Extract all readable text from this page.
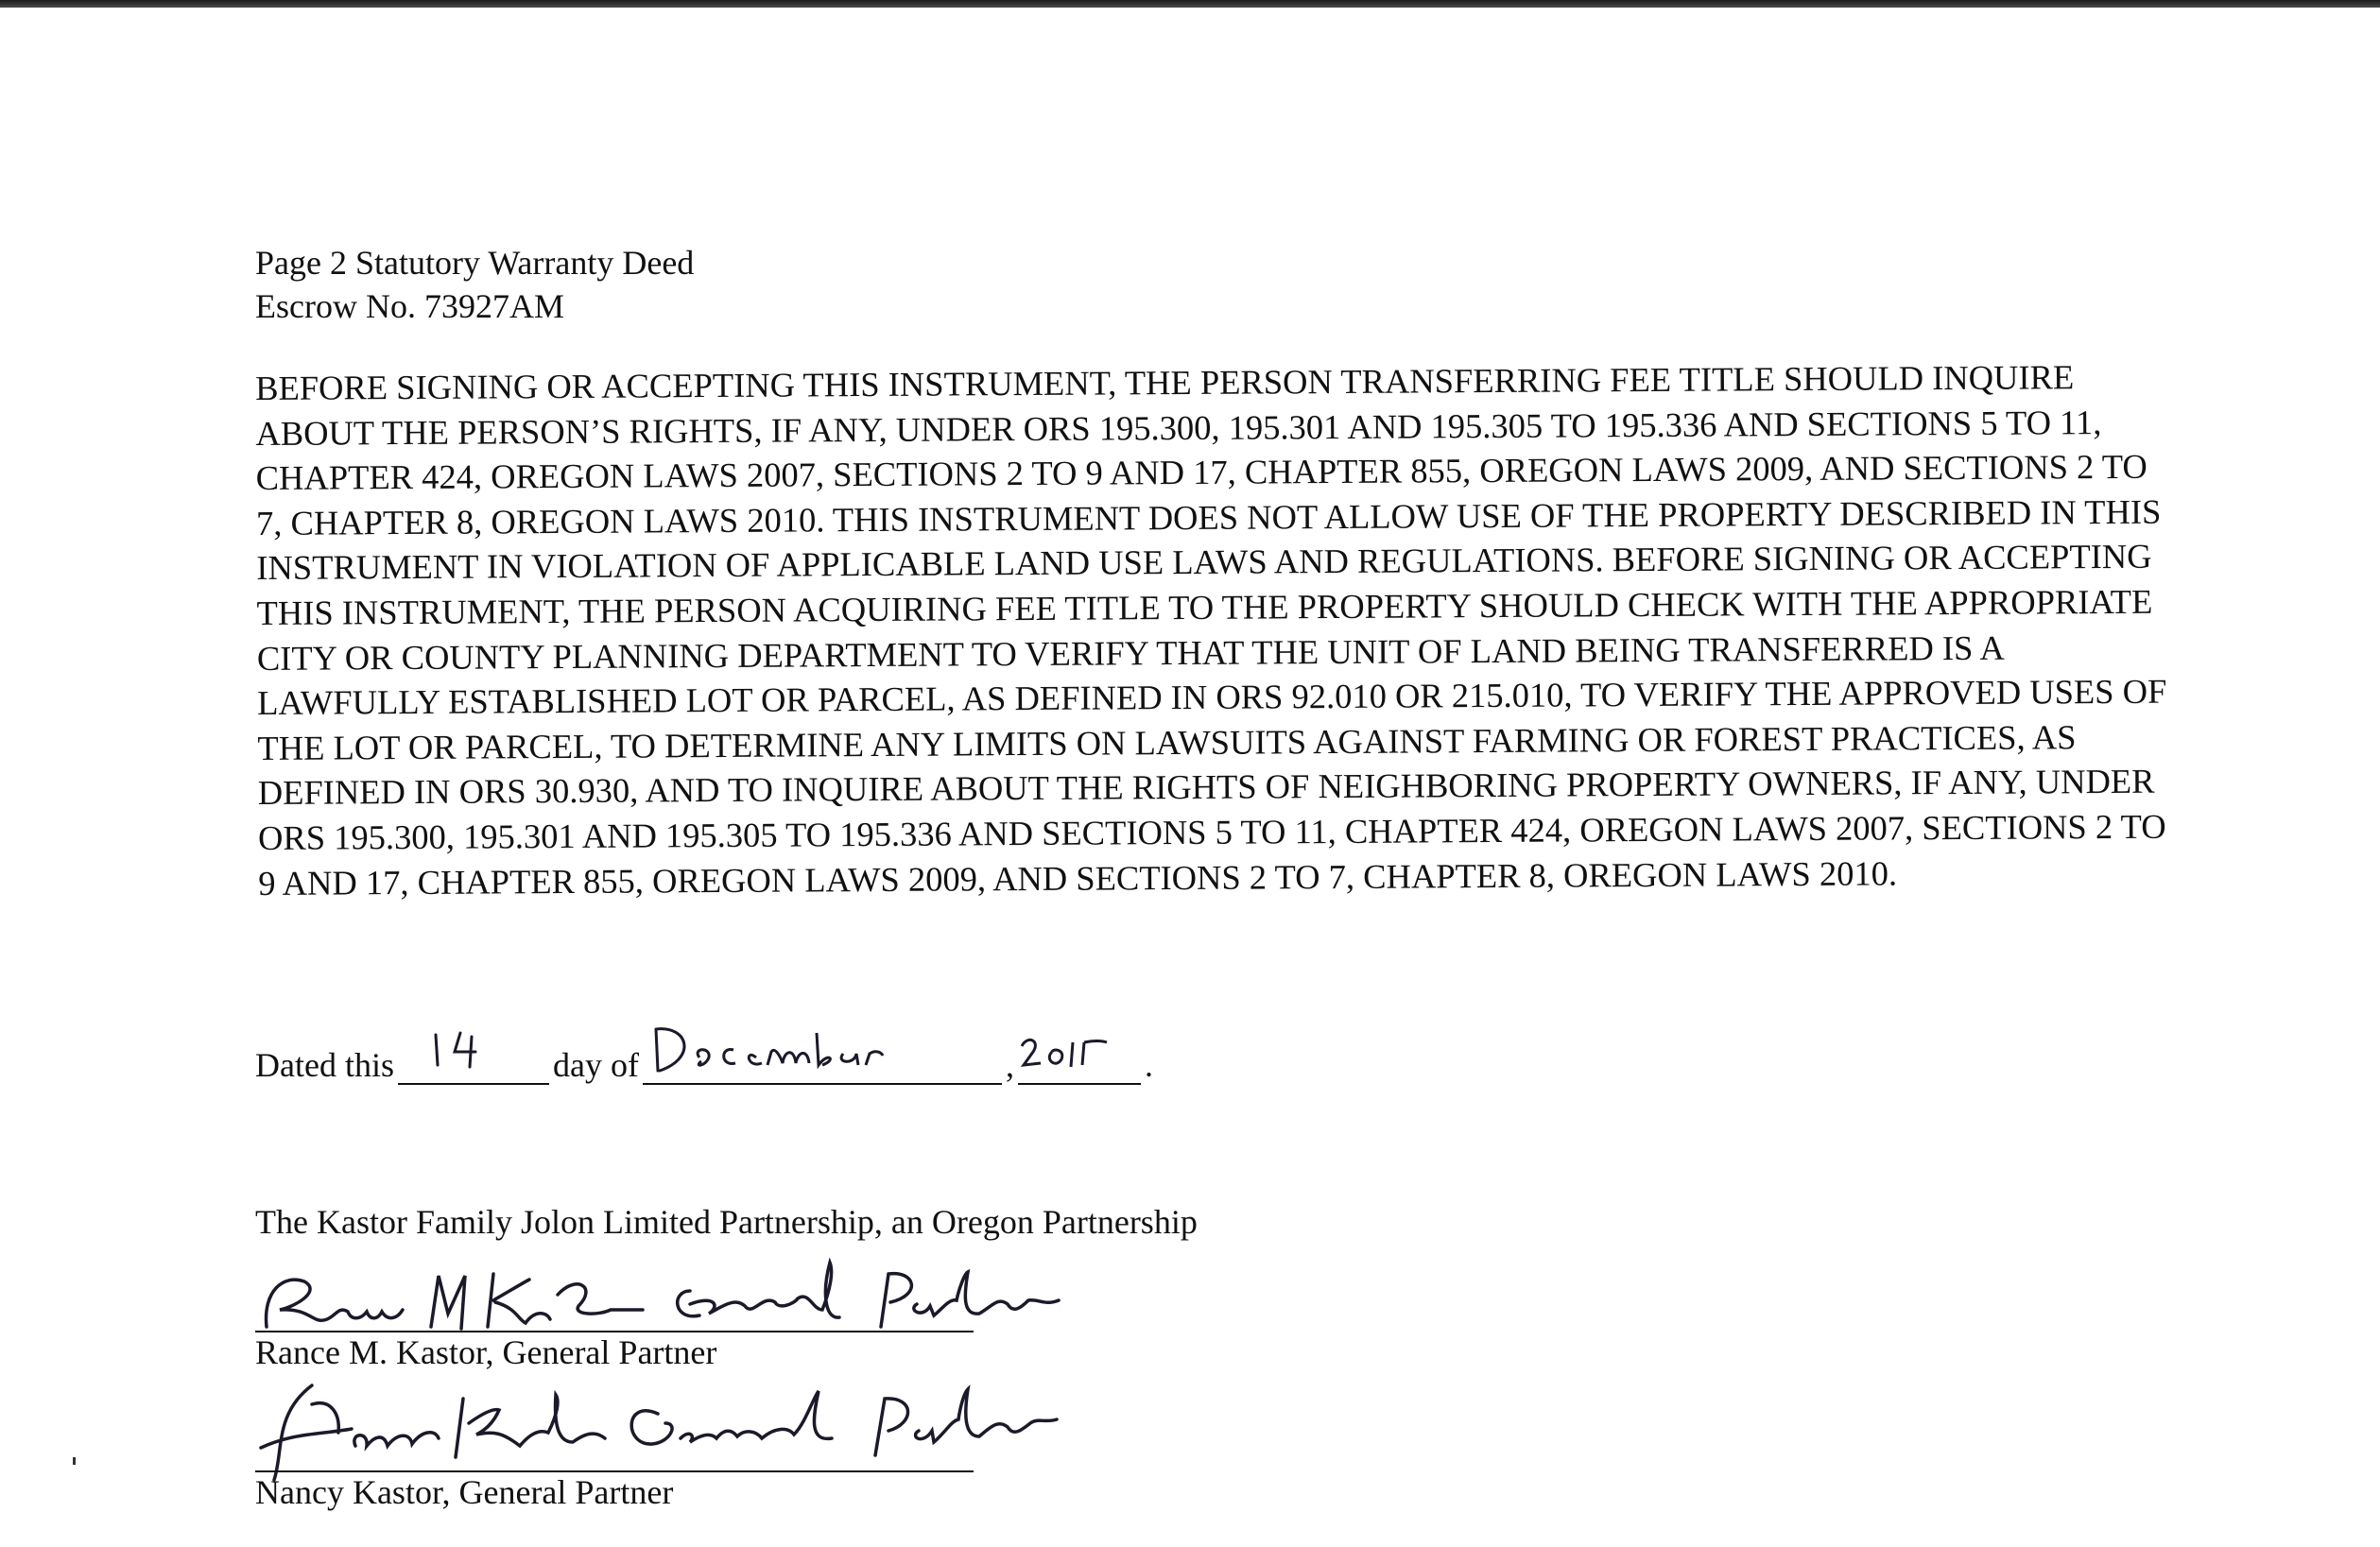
Page 2 Statutory Warranty Deed

Escrow No. 73927AM

BEFORE SIGNING OR ACCEPTING THIS INSTRUMENT, THE PERSON TRANSFERRING FEE TITLE SHOULD INQUIRE ABOUT THE PERSON’S RIGHTS, IF ANY, UNDER ORS 195.300, 195.301 AND 195.305 TO 195.336 AND SECTIONS 5 TO 11, CHAPTER 424, OREGON LAWS 2007, SECTIONS 2 TO 9 AND 17, CHAPTER 855, OREGON LAWS 2009, AND SECTIONS 2 TO 7, CHAPTER 8, OREGON LAWS 2010. THIS INSTRUMENT DOES NOT ALLOW USE OF THE PROPERTY DESCRIBED IN THIS INSTRUMENT IN VIOLATION OF APPLICABLE LAND USE LAWS AND REGULATIONS. BEFORE SIGNING OR ACCEPTING THIS INSTRUMENT, THE PERSON ACQUIRING FEE TITLE TO THE PROPERTY SHOULD CHECK WITH THE APPROPRIATE CITY OR COUNTY PLANNING DEPARTMENT TO VERIFY THAT THE UNIT OF LAND BEING TRANSFERRED IS A LAWFULLY ESTABLISHED LOT OR PARCEL, AS DEFINED IN ORS 92.010 OR 215.010, TO VERIFY THE APPROVED USES OF THE LOT OR PARCEL, TO DETERMINE ANY LIMITS ON LAWSUITS AGAINST FARMING OR FOREST PRACTICES, AS DEFINED IN ORS 30.930, AND TO INQUIRE ABOUT THE RIGHTS OF NEIGHBORING PROPERTY OWNERS, IF ANY, UNDER ORS 195.300, 195.301 AND 195.305 TO 195.336 AND SECTIONS 5 TO 11, CHAPTER 424, OREGON LAWS 2007, SECTIONS 2 TO 9 AND 17, CHAPTER 855, OREGON LAWS 2009, AND SECTIONS 2 TO 7, CHAPTER 8, OREGON LAWS 2010.
Dated this	day of	,	.
The Kastor Family Jolon Limited Partnership, an Oregon Partnership
Rance M. Kastor, General Partner
Nancy Kastor, General Partner
